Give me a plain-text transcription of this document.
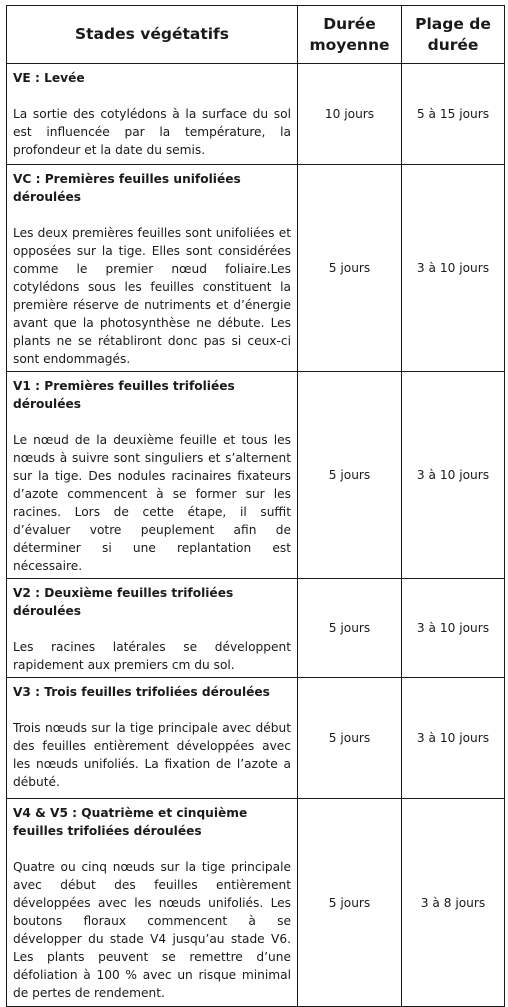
Stades végétatifs	Durée moyenne	Plage de durée

VE : Levée
La sortie des cotylédons à la surface du sol est influencée par la température, la profondeur et la date du semis.	10 jours	5 à 15 jours

VC : Premières feuilles unifoliées déroulées
Les deux premières feuilles sont unifoliées et opposées sur la tige. Elles sont considérées comme le premier nœud foliaire.Les cotylédons sous les feuilles constituent la première réserve de nutriments et d’énergie avant que la photosynthèse ne débute. Les plants ne se rétabliront donc pas si ceux-ci sont endommagés.	5 jours	3 à 10 jours

V1 : Premières feuilles trifoliées déroulées
Le nœud de la deuxième feuille et tous les nœuds à suivre sont singuliers et s’alternent sur la tige. Des nodules racinaires fixateurs d’azote commencent à se former sur les racines. Lors de cette étape, il suffit d’évaluer votre peuplement afin de déterminer si une replantation est nécessaire.	5 jours	3 à 10 jours

V2 : Deuxième feuilles trifoliées déroulées
Les racines latérales se développent rapidement aux premiers cm du sol.	5 jours	3 à 10 jours

V3 : Trois feuilles trifoliées déroulées
Trois nœuds sur la tige principale avec début des feuilles entièrement développées avec les nœuds unifoliés. La fixation de l’azote a débuté.	5 jours	3 à 10 jours

V4 & V5 : Quatrième et cinquième feuilles trifoliées déroulées
Quatre ou cinq nœuds sur la tige principale avec début des feuilles entièrement développées avec les nœuds unifoliés. Les boutons floraux commencent à se développer du stade V4 jusqu’au stade V6. Les plants peuvent se remettre d’une défoliation à 100 % avec un risque minimal de pertes de rendement.	5 jours	3 à 8 jours
